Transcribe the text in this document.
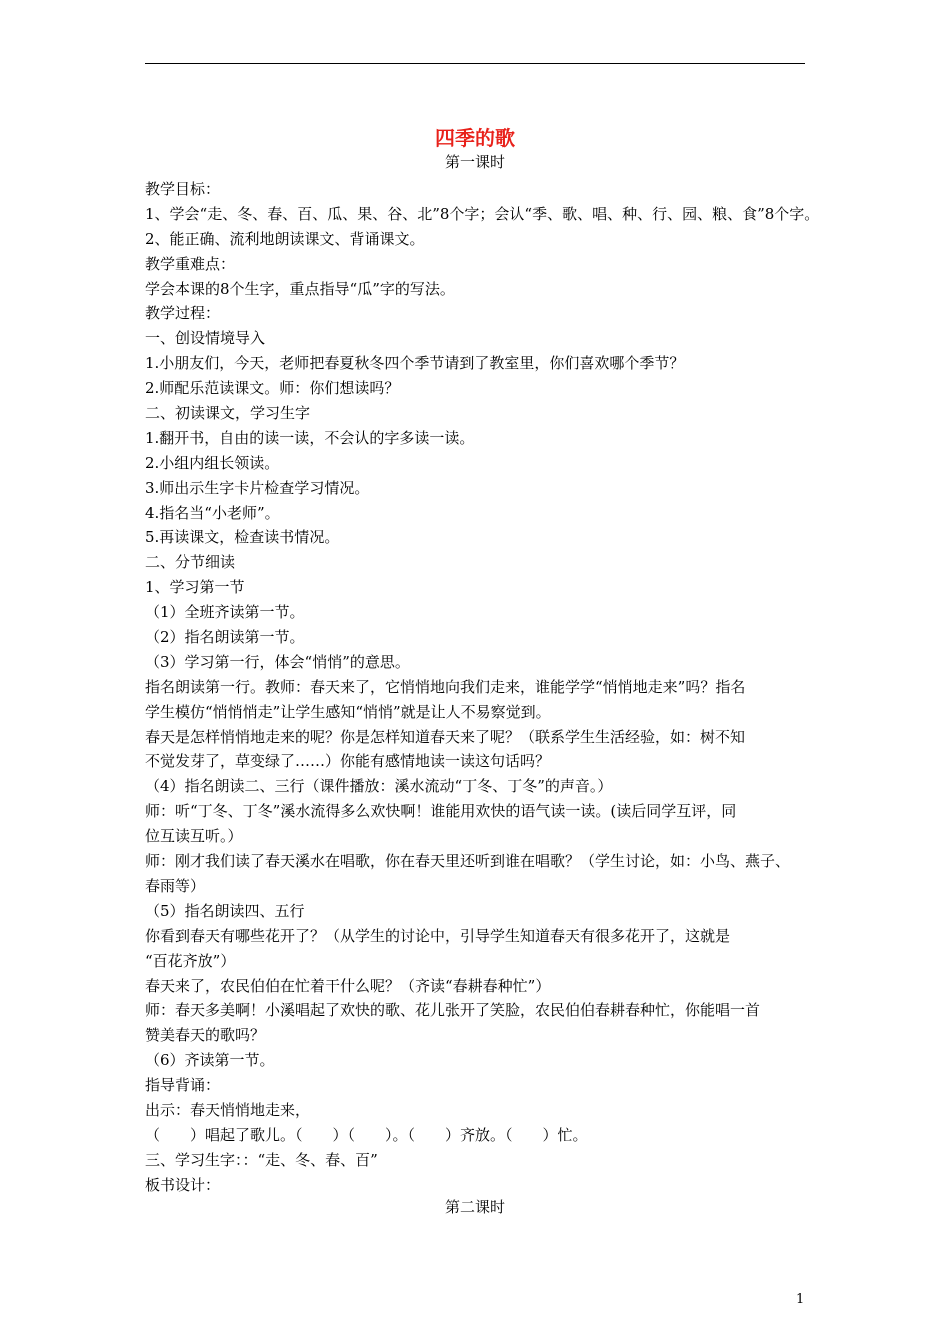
四季的歌
第一课时
教学目标：
1、学会“走、冬、春、百、瓜、果、谷、北”8个字；会认“季、歌、唱、种、行、园、粮、食”8个字。
2、能正确、流利地朗读课文、背诵课文。
教学重难点：
学会本课的8个生字，重点指导“瓜”字的写法。
教学过程：
一、创设情境导入
1.小朋友们，今天，老师把春夏秋冬四个季节请到了教室里，你们喜欢哪个季节？
2.师配乐范读课文。师：你们想读吗？
二、初读课文，学习生字
1.翻开书，自由的读一读，不会认的字多读一读。
2.小组内组长领读。
3.师出示生字卡片检查学习情况。
4.指名当“小老师”。
5.再读课文，检查读书情况。
二、分节细读
1、学习第一节
（1）全班齐读第一节。
（2）指名朗读第一节。
（3）学习第一行，体会“悄悄”的意思。
指名朗读第一行。教师：春天来了，它悄悄地向我们走来，谁能学学“悄悄地走来”吗？指名
学生模仿“悄悄悄走”让学生感知“悄悄”就是让人不易察觉到。
春天是怎样悄悄地走来的呢？你是怎样知道春天来了呢？（联系学生生活经验，如：树不知
不觉发芽了，草变绿了……）你能有感情地读一读这句话吗？
（4）指名朗读二、三行（课件播放：溪水流动“丁冬、丁冬”的声音。）
师：听“丁冬、丁冬”溪水流得多么欢快啊！谁能用欢快的语气读一读。(读后同学互评，同
位互读互听。）
师：刚才我们读了春天溪水在唱歌，你在春天里还听到谁在唱歌？（学生讨论，如：小鸟、燕子、
春雨等）
（5）指名朗读四、五行
你看到春天有哪些花开了？（从学生的讨论中，引导学生知道春天有很多花开了，这就是
“百花齐放”）
春天来了，农民伯伯在忙着干什么呢？（齐读“春耕春种忙”）
师：春天多美啊！小溪唱起了欢快的歌、花儿张开了笑脸，农民伯伯春耕春种忙，你能唱一首
赞美春天的歌吗？
（6）齐读第一节。
指导背诵：
出示：春天悄悄地走来，
（　　）唱起了歌儿。（　　）（　　）。（　　）齐放。（　　）忙。
三、学习生字：：“走、冬、春、百”
板书设计：
第二课时
1
